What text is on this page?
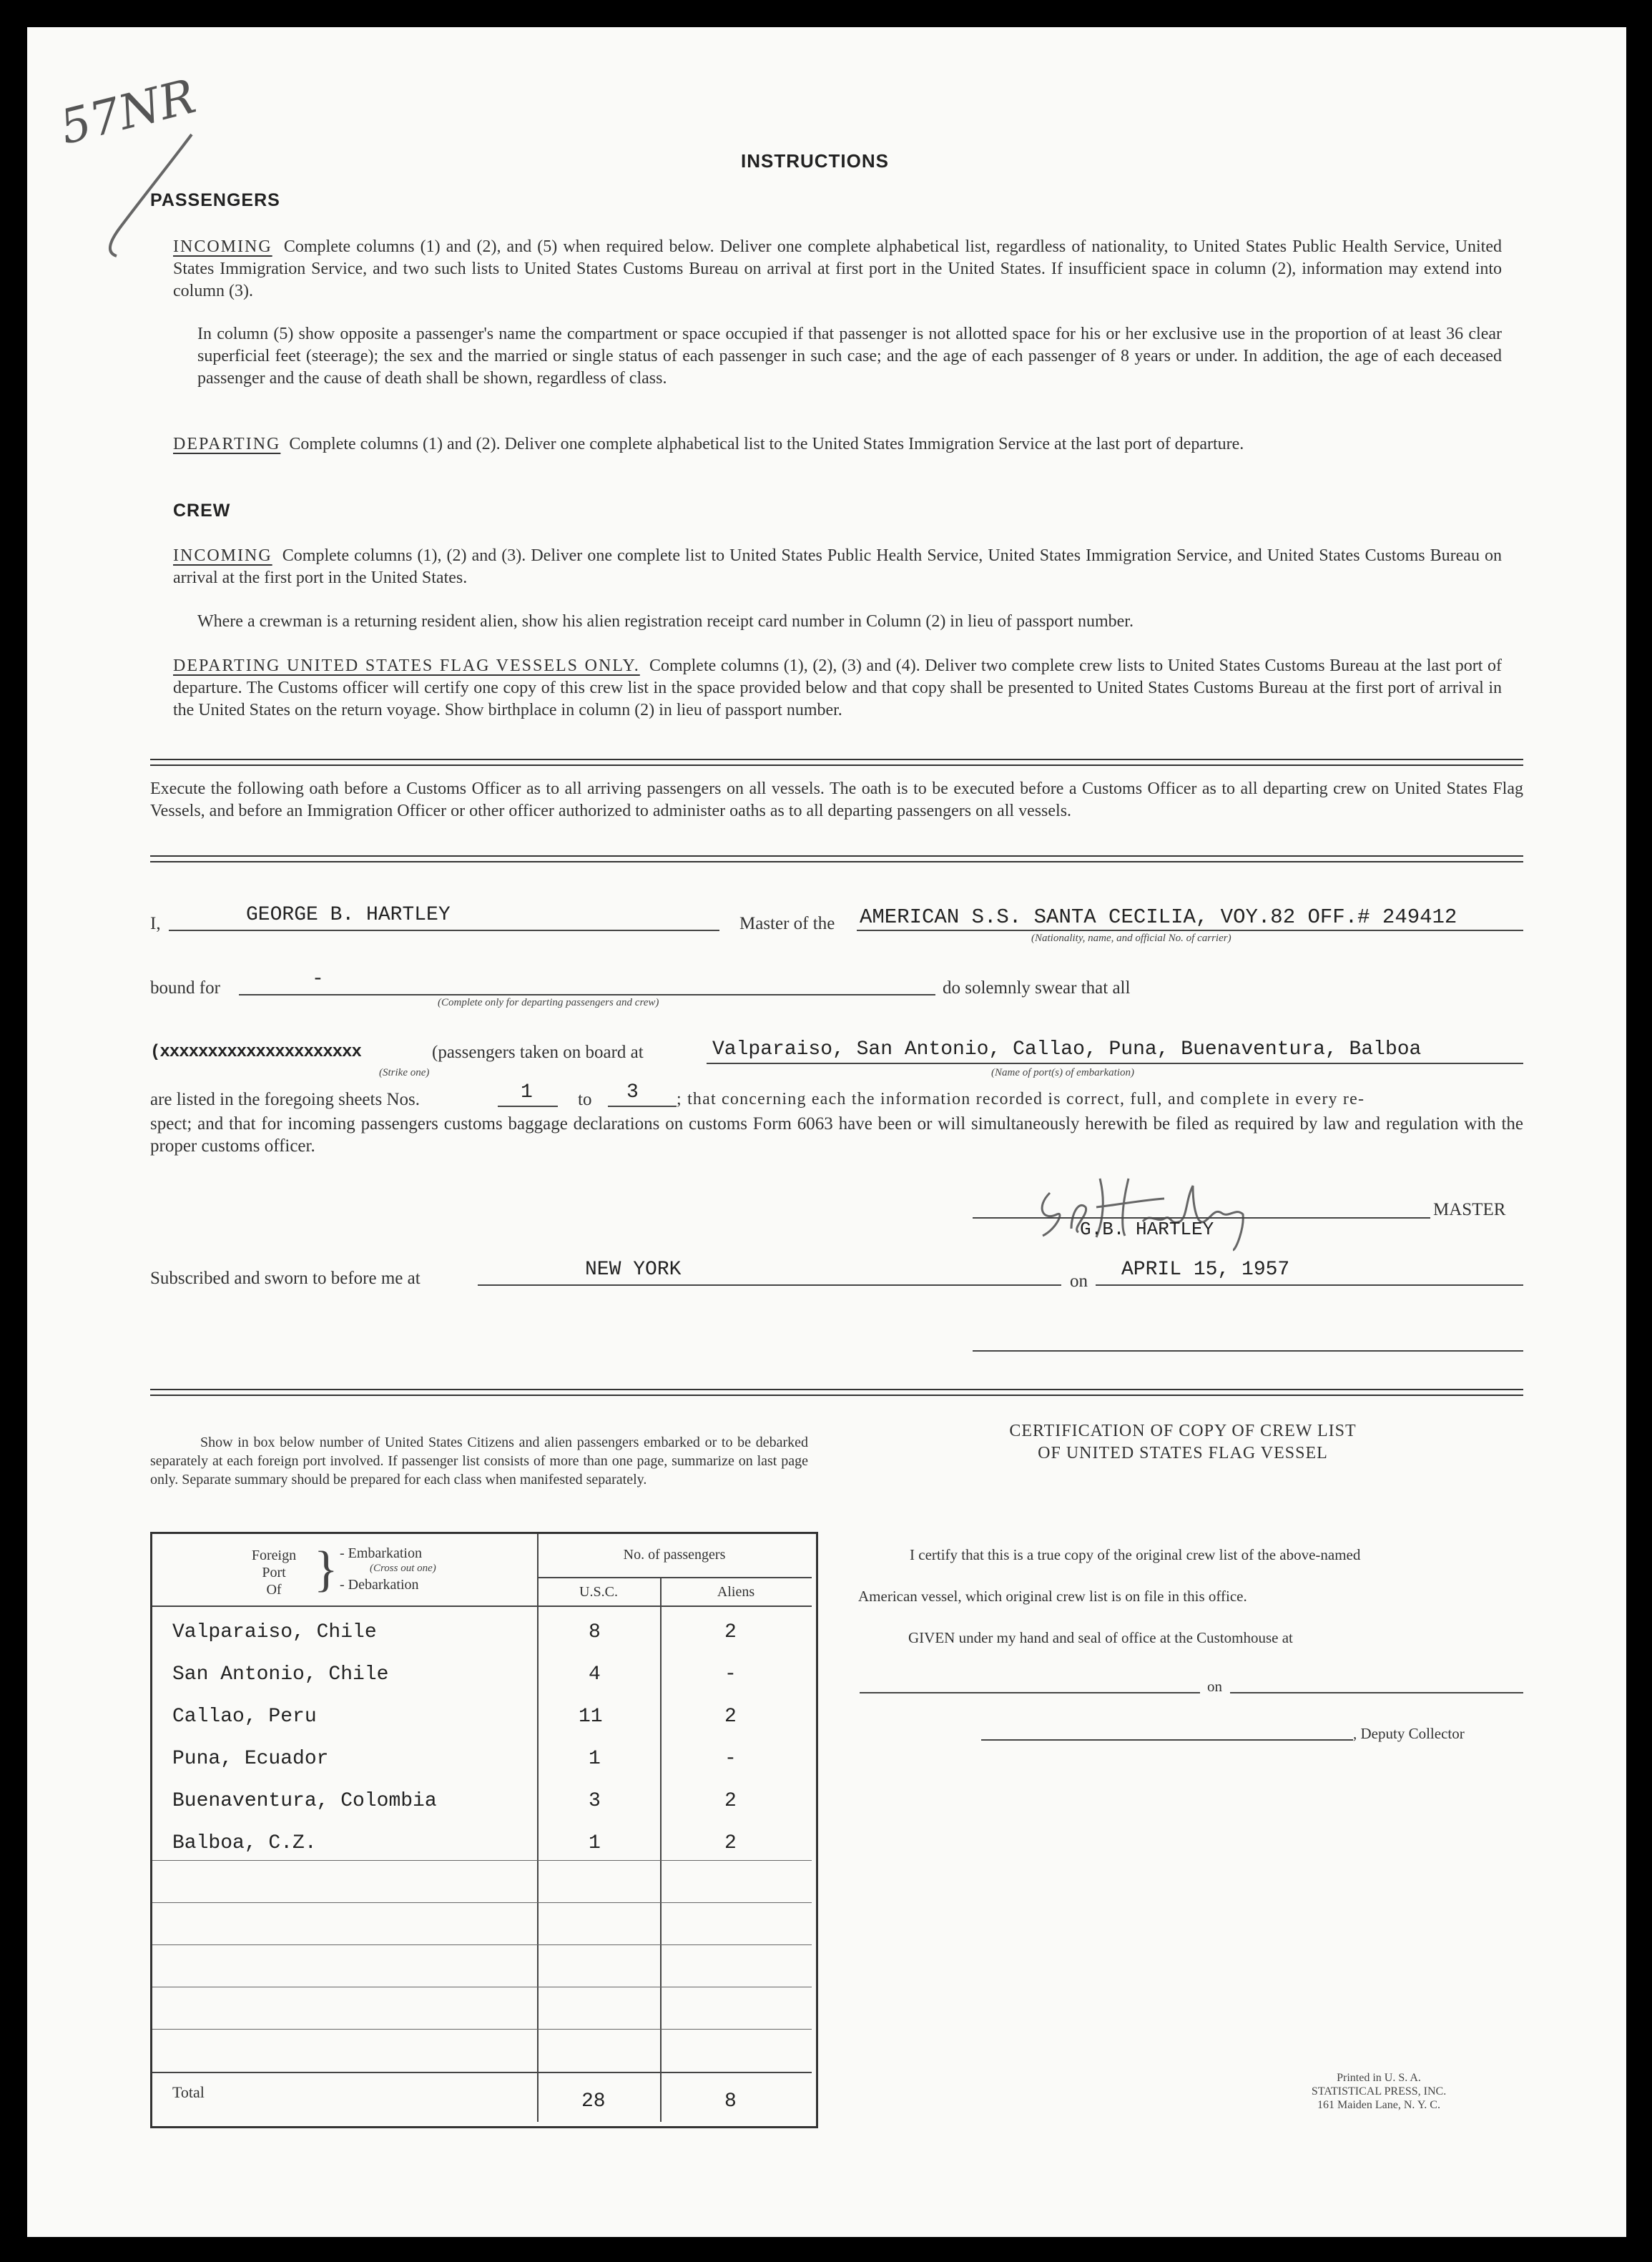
57NR
INSTRUCTIONS
PASSENGERS
INCOMING Complete columns (1) and (2), and (5) when required below. Deliver one complete alphabetical list, regardless of nationality, to United States Public Health Service, United States Immigration Service, and two such lists to United States Customs Bureau on arrival at first port in the United States. If insufficient space in column (2), information may extend into column (3).
In column (5) show opposite a passenger's name the compartment or space occupied if that passenger is not allotted space for his or her exclusive use in the proportion of at least 36 clear superficial feet (steerage); the sex and the married or single status of each passenger in such case; and the age of each passenger of 8 years or under. In addition, the age of each deceased passenger and the cause of death shall be shown, regardless of class.
DEPARTING Complete columns (1) and (2). Deliver one complete alphabetical list to the United States Immigration Service at the last port of departure.
CREW
INCOMING Complete columns (1), (2) and (3). Deliver one complete list to United States Public Health Service, United States Immigration Service, and United States Customs Bureau on arrival at the first port in the United States.
Where a crewman is a returning resident alien, show his alien registration receipt card number in Column (2) in lieu of passport number.
DEPARTING UNITED STATES FLAG VESSELS ONLY. Complete columns (1), (2), (3) and (4). Deliver two complete crew lists to United States Customs Bureau at the last port of departure. The Customs officer will certify one copy of this crew list in the space provided below and that copy shall be presented to United States Customs Bureau at the first port of arrival in the United States on the return voyage. Show birthplace in column (2) in lieu of passport number.
Execute the following oath before a Customs Officer as to all arriving passengers on all vessels. The oath is to be executed before a Customs Officer as to all departing crew on United States Flag Vessels, and before an Immigration Officer or other officer authorized to administer oaths as to all departing passengers on all vessels.
I,	GEORGE B. HARTLEY	Master of the AMERICAN S.S. SANTA CECILIA, VOY.82 OFF.# 249412
(Nationality, name, and official No. of carrier)
bound for	-
(Complete only for departing passengers and crew)
do solemnly swear that all
(xxxxxxxxxxxxxxxxxxxxx
(Strike one)
(passengers taken on board at	Valparaiso, San Antonio, Callao, Puna, Buenaventura, Balboa
(Name of port(s) of embarkation)
are listed in the foregoing sheets Nos.	1	to 3 ; that concerning each the information recorded is correct, full, and complete in every re-
spect; and that for incoming passengers customs baggage declarations on customs Form 6063 have been or will simultaneously herewith be filed as required by law and regulation with the proper customs officer.
MASTER
G.B. HARTLEY
Subscribed and sworn to before me at	NEW YORK
on
APRIL 15, 1957
Show in box below number of United States Citizens and alien passengers embarked or to be debarked separately at each foreign port involved. If passenger list consists of more than one page, summarize on last page only. Separate summary should be prepared for each class when manifested separately.
Foreign
Port
Of } - Embarkation
(Cross out one)
- Debarkation
No. of passengers
U.S.C.	Aliens
Valparaiso, Chile	8	2
San Antonio, Chile	4	-
Callao, Peru	11	2
Puna, Ecuador	1	-
Buenaventura, Colombia	3	2
Balboa, C.Z.	1	2
Total	28	8
CERTIFICATION OF COPY OF CREW LIST
OF UNITED STATES FLAG VESSEL
I certify that this is a true copy of the original crew list of the above-named
American vessel, which original crew list is on file in this office.
GIVEN under my hand and seal of office at the Customhouse at
on
, Deputy Collector
Printed in U. S. A.
STATISTICAL PRESS, INC.
161 Maiden Lane, N. Y. C.
